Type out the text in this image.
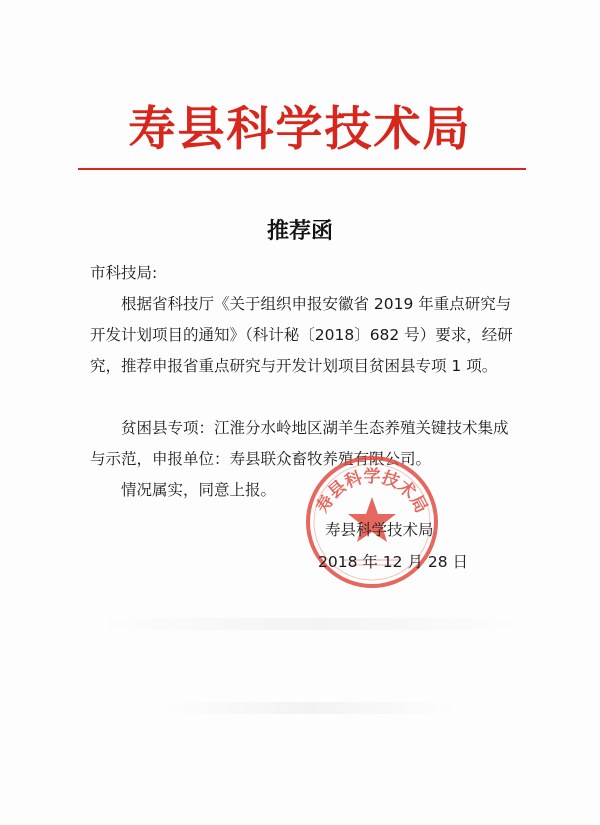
寿县科学技术局
推荐函
市科技局:

根据省科技厅《关于组织申报安徽省 2019 年重点研究与开发计划项目的通知》（科计秘〔2018〕682 号）要求，经研究，推荐申报省重点研究与开发计划项目贫困县专项 1 项。

贫困县专项：江淮分水岭地区湖羊生态养殖关键技术集成与示范，申报单位：寿县联众畜牧养殖有限公司。

情况属实，同意上报。

寿县科学技术局
寿县科学技术局
2018 年 12 月 28 日
